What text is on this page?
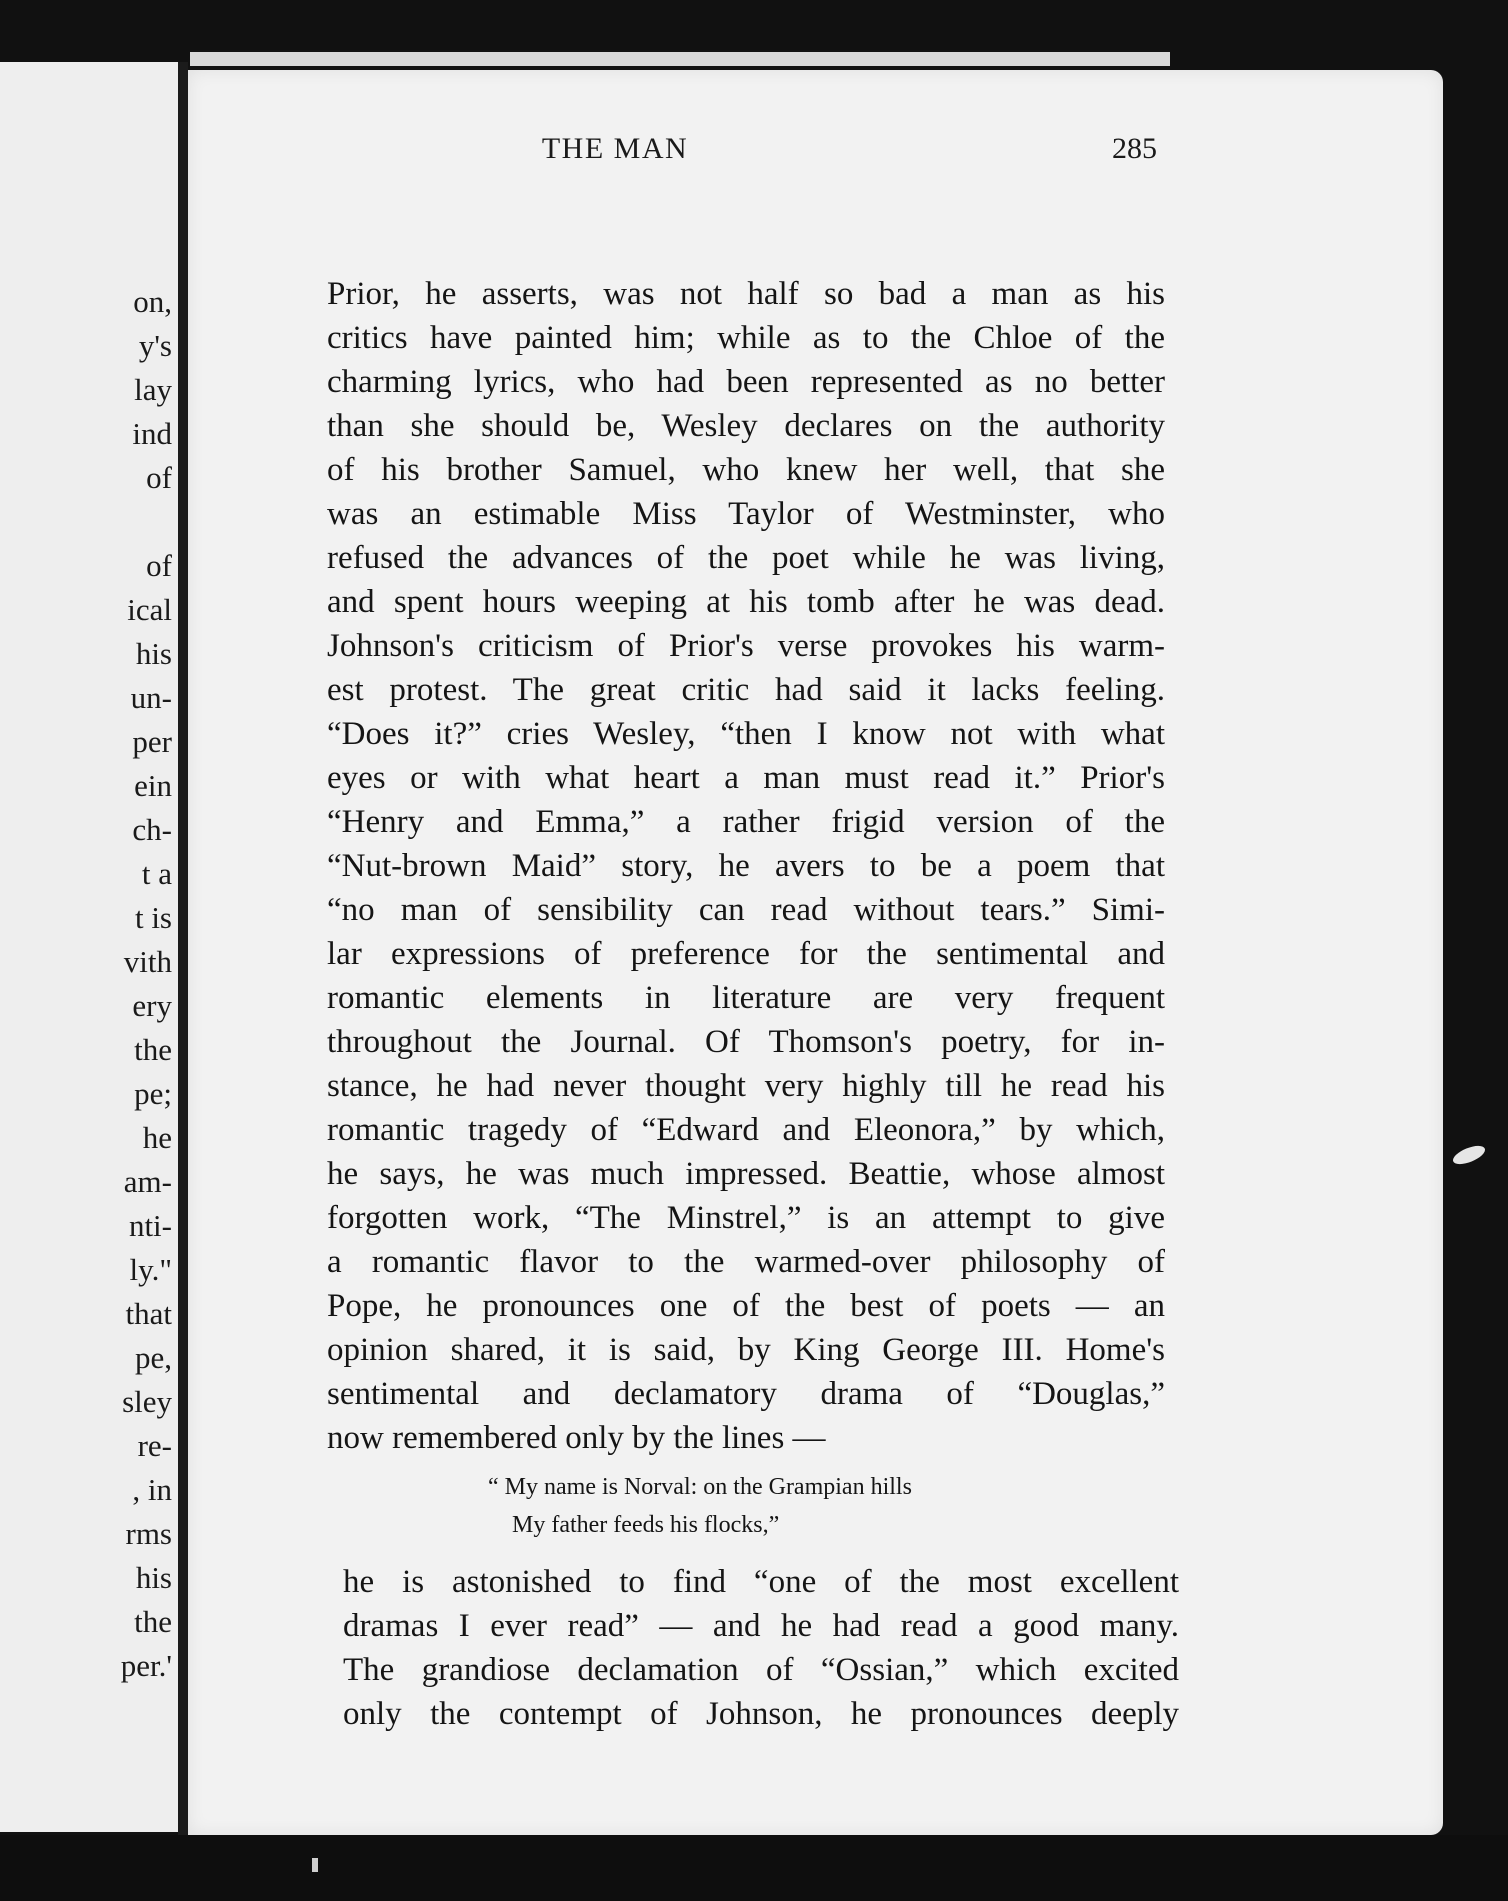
on,
y's
lay
ind
of
of
ical
his
un-
per
ein
ch-
t a
t is
vith
ery
the
pe;
he
am-
nti-
ly."
that
pe,
sley
re-
, in
rms
his
the
per.'
THE MAN	285
Prior, he asserts, was not half so bad a man as his
critics have painted him; while as to the Chloe of the
charming lyrics, who had been represented as no better
than she should be, Wesley declares on the authority
of his brother Samuel, who knew her well, that she
was an estimable Miss Taylor of Westminster, who
refused the advances of the poet while he was living,
and spent hours weeping at his tomb after he was dead.
Johnson's criticism of Prior's verse provokes his warm-
est protest. The great critic had said it lacks feeling.
“Does it?” cries Wesley, “then I know not with what
eyes or with what heart a man must read it.” Prior's
“Henry and Emma,” a rather frigid version of the
“Nut-brown Maid” story, he avers to be a poem that
“no man of sensibility can read without tears.” Simi-
lar expressions of preference for the sentimental and
romantic elements in literature are very frequent
throughout the Journal. Of Thomson's poetry, for in-
stance, he had never thought very highly till he read his
romantic tragedy of “Edward and Eleonora,” by which,
he says, he was much impressed. Beattie, whose almost
forgotten work, “The Minstrel,” is an attempt to give
a romantic flavor to the warmed-over philosophy of
Pope, he pronounces one of the best of poets — an
opinion shared, it is said, by King George III. Home's
sentimental and declamatory drama of “Douglas,”
now remembered only by the lines —
“ My name is Norval: on the Grampian hills
My father feeds his flocks,”
he is astonished to find “one of the most excellent
dramas I ever read” — and he had read a good many.
The grandiose declamation of “Ossian,” which excited
only the contempt of Johnson, he pronounces deeply
